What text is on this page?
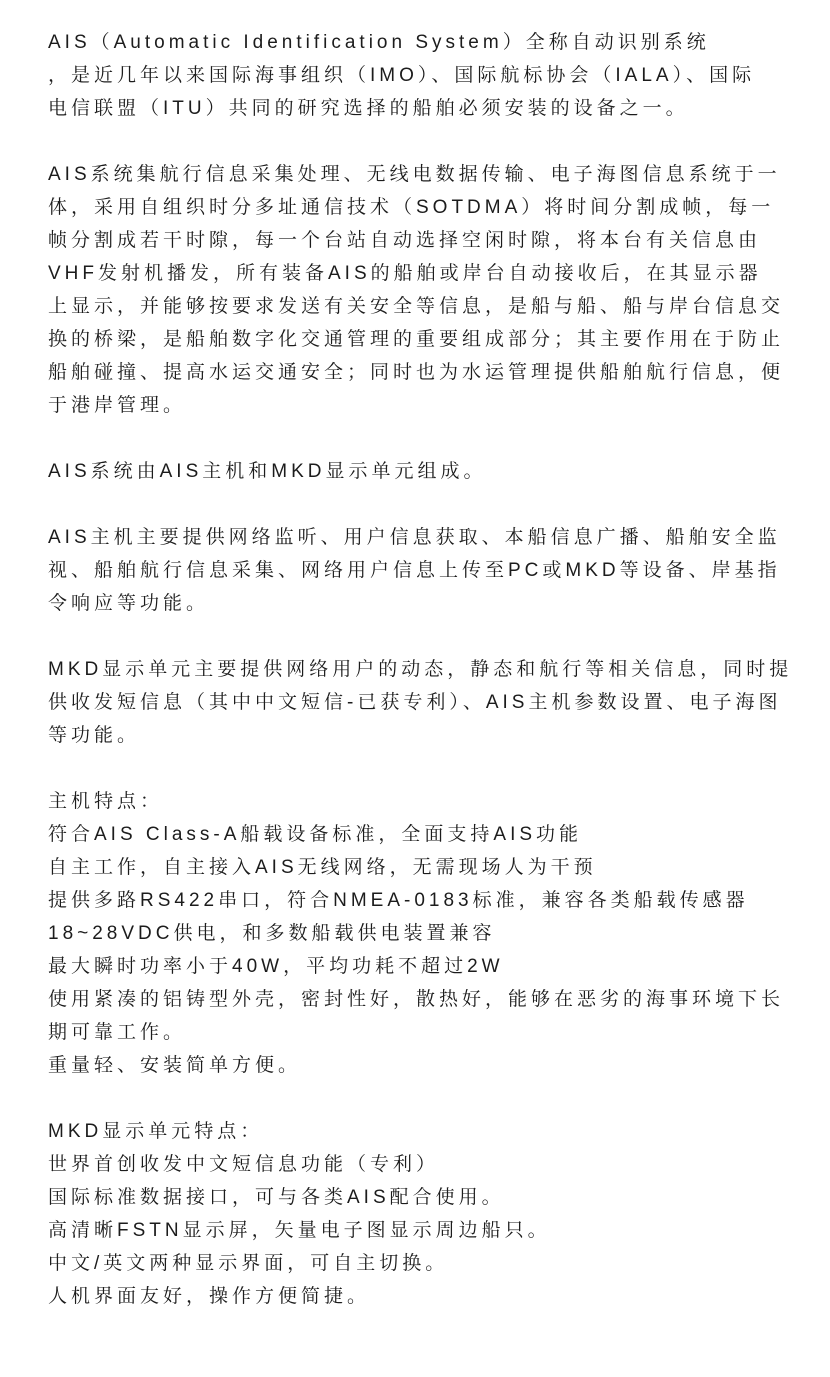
AIS（Automatic Identification System）全称自动识别系统
，是近几年以来国际海事组织（IMO）、国际航标协会（IALA）、国际
电信联盟（ITU）共同的研究选择的船舶必须安装的设备之一。
AIS系统集航行信息采集处理、无线电数据传输、电子海图信息系统于一
体，采用自组织时分多址通信技术（SOTDMA）将时间分割成帧，每一
帧分割成若干时隙，每一个台站自动选择空闲时隙，将本台有关信息由
VHF发射机播发，所有装备AIS的船舶或岸台自动接收后，在其显示器
上显示，并能够按要求发送有关安全等信息，是船与船、船与岸台信息交
换的桥梁，是船舶数字化交通管理的重要组成部分；其主要作用在于防止
船舶碰撞、提高水运交通安全；同时也为水运管理提供船舶航行信息，便
于港岸管理。
AIS系统由AIS主机和MKD显示单元组成。
AIS主机主要提供网络监听、用户信息获取、本船信息广播、船舶安全监
视、船舶航行信息采集、网络用户信息上传至PC或MKD等设备、岸基指
令响应等功能。
MKD显示单元主要提供网络用户的动态，静态和航行等相关信息，同时提
供收发短信息（其中中文短信-已获专利）、AIS主机参数设置、电子海图
等功能。
主机特点：
符合AIS Class-A船载设备标准，全面支持AIS功能
自主工作，自主接入AIS无线网络，无需现场人为干预
提供多路RS422串口，符合NMEA-0183标准，兼容各类船载传感器
18~28VDC供电，和多数船载供电装置兼容
最大瞬时功率小于40W，平均功耗不超过2W
使用紧凑的铝铸型外壳，密封性好，散热好，能够在恶劣的海事环境下长
期可靠工作。
重量轻、安装简单方便。
MKD显示单元特点：
世界首创收发中文短信息功能（专利）
国际标准数据接口，可与各类AIS配合使用。
高清晰FSTN显示屏，矢量电子图显示周边船只。
中文/英文两种显示界面，可自主切换。
人机界面友好，操作方便简捷。
